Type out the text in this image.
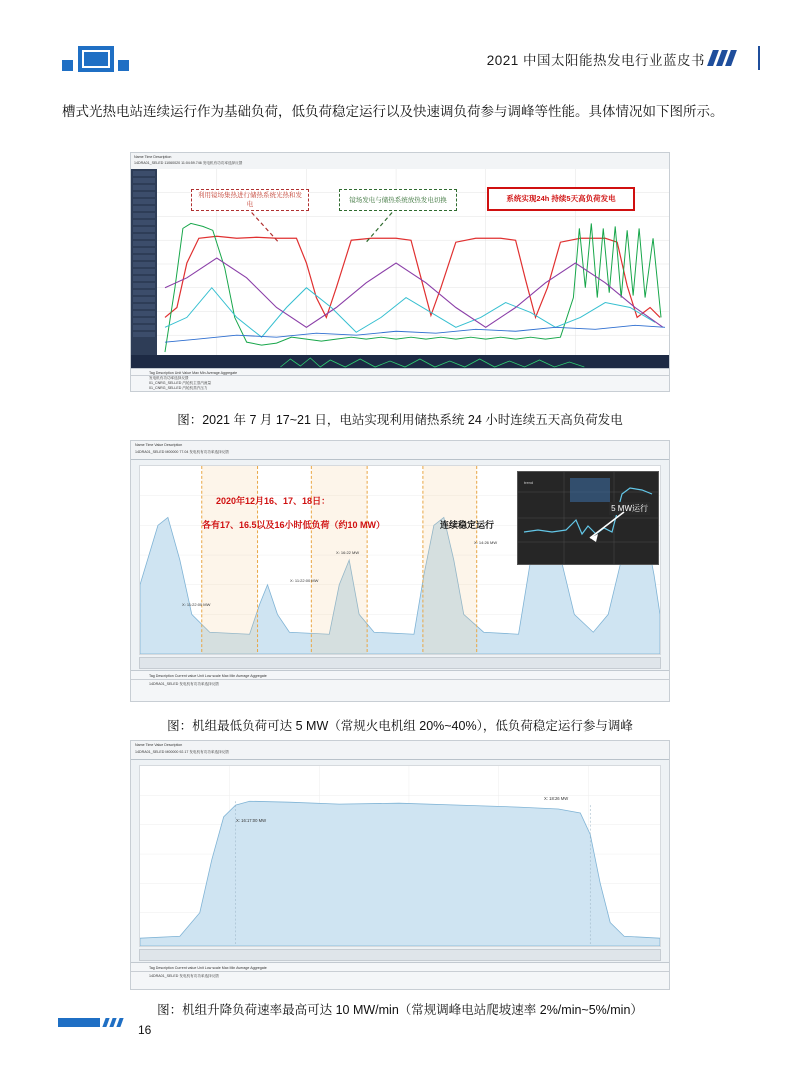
2021 中国太阳能热发电行业蓝皮书
槽式光热电站连续运行作为基础负荷，低负荷稳定运行以及快速调负荷参与调峰等性能。具体情况如下图所示。
Name Time Description
14DRA01_SELED 11060020 11:04:59.746 发电机有功功率选择反馈
利用镜场集热进行储热系统光热和发电
镜场发电与储热系统放热发电切换	系统实现24h 持续5天高负荷发电
Tag Description Unit Value Max Min Average Aggregate
发电机有功功率选择反馈
01_CNRG_SELLED 汽轮机主蒸汽流量
01_CNRG_SELLED 汽轮机蒸汽压力
图：2021 年 7 月 17~21 日，电站实现利用储热系统 24 小时连续五天高负荷发电
Name Time Value Description
14DRA01_SELED M00000 77.04 发电机有功功率选择反馈
2020年12月16、17、18日：
各有17、16.5以及16小时低负荷（约10 MW）	连续稳定运行
X: 11:22:00 MW
X: 11:22:00 MW
X: 16:22 MW
X: 14:26 MW
trend
5 MW运行
Tag Description Current value Unit Low scale Max Min Average Aggregate
14DRA01_SELED 发电机有功功率选择反馈
图：机组最低负荷可达 5 MW（常规火电机组 20%~40%），低负荷稳定运行参与调峰
Name Time Value Description
14DRA01_SELED M00000 92.17 发电机有功功率选择反馈
X: 16:17:00 MW
X: 18:26 MW
Tag Description Current value Unit Low scale Max Min Average Aggregate
14DRA01_SELED 发电机有功功率选择反馈
图：机组升降负荷速率最高可达 10 MW/min（常规调峰电站爬坡速率 2%/min~5%/min）
16
